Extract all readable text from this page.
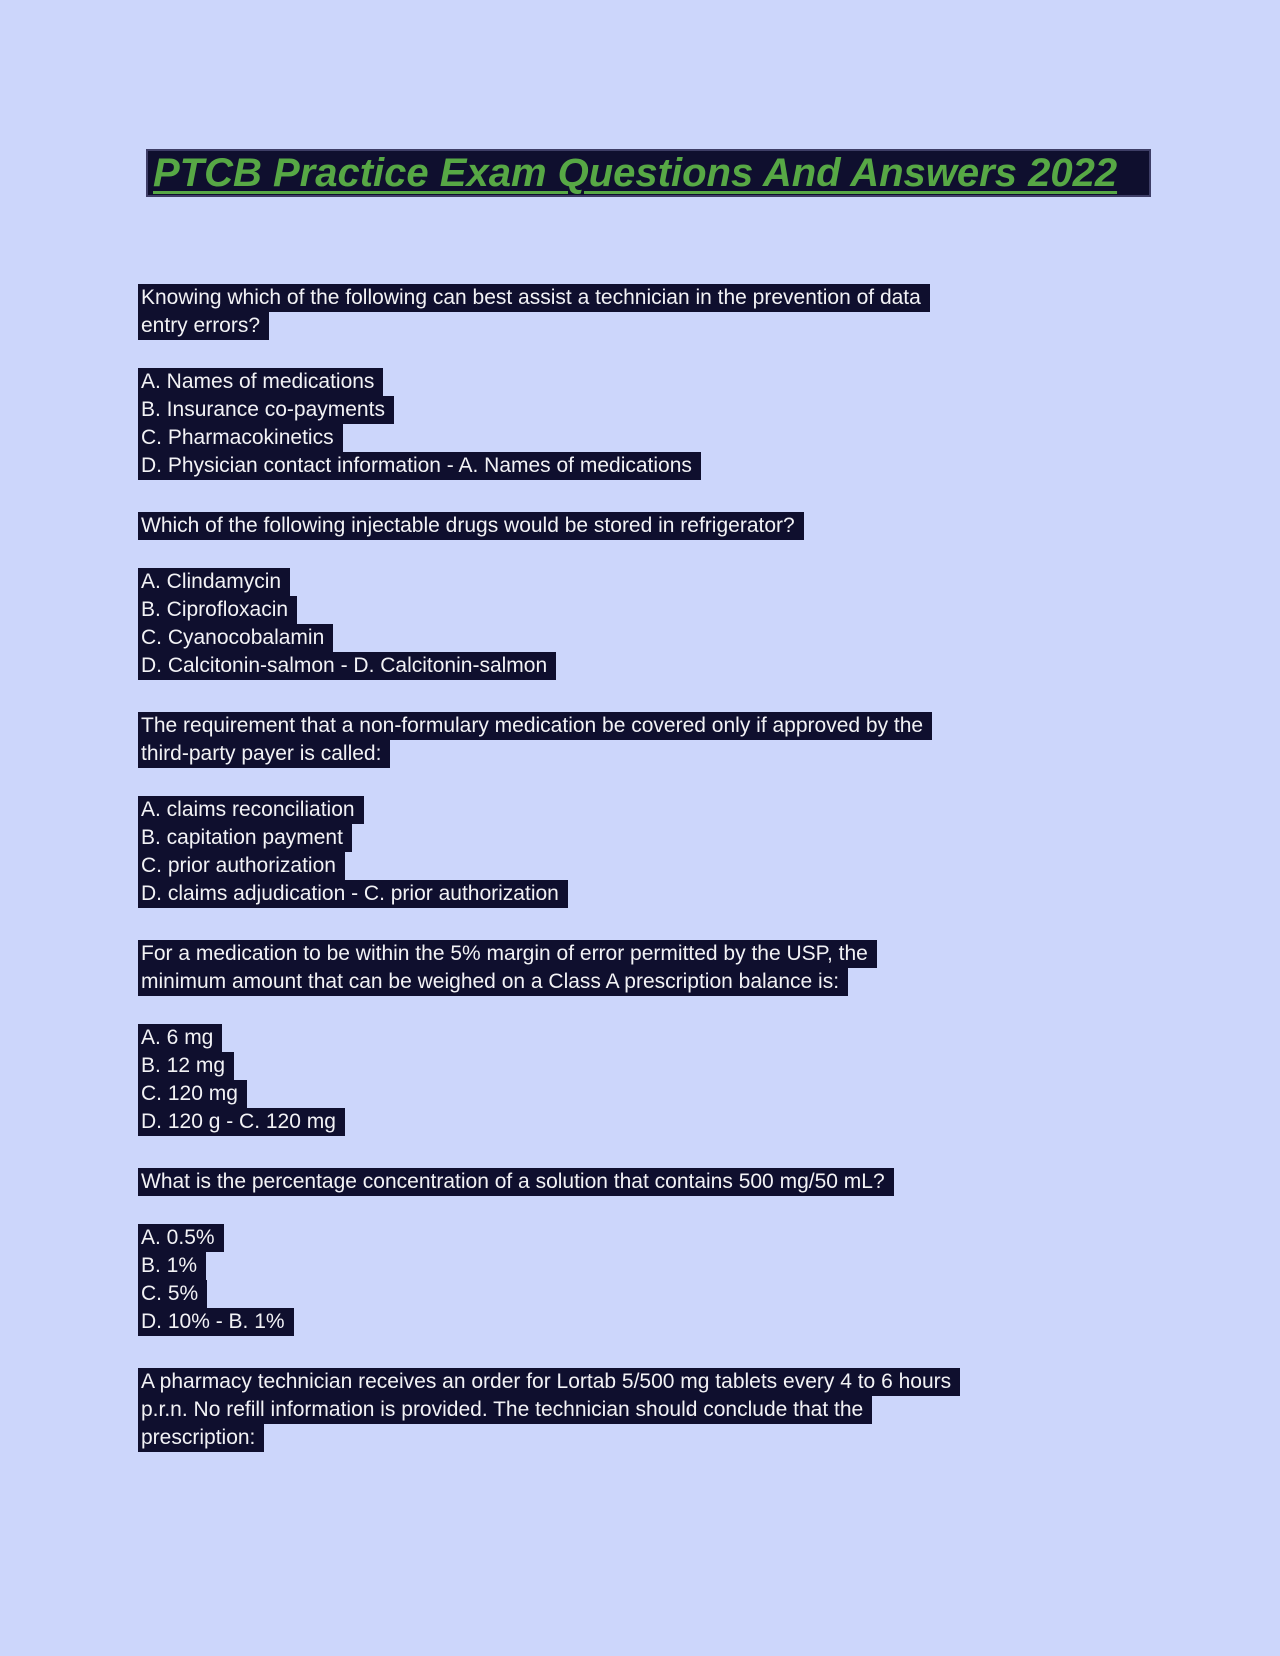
PTCB Practice Exam Questions And Answers 2022
Knowing which of the following can best assist a technician in the prevention of data
entry errors?
A. Names of medications
B. Insurance co-payments
C. Pharmacokinetics
D. Physician contact information - A. Names of medications
Which of the following injectable drugs would be stored in refrigerator?
A. Clindamycin
B. Ciprofloxacin
C. Cyanocobalamin
D. Calcitonin-salmon - D. Calcitonin-salmon
The requirement that a non-formulary medication be covered only if approved by the
third-party payer is called:
A. claims reconciliation
B. capitation payment
C. prior authorization
D. claims adjudication - C. prior authorization
For a medication to be within the 5% margin of error permitted by the USP, the
minimum amount that can be weighed on a Class A prescription balance is:
A. 6 mg
B. 12 mg
C. 120 mg
D. 120 g - C. 120 mg
What is the percentage concentration of a solution that contains 500 mg/50 mL?
A. 0.5%
B. 1%
C. 5%
D. 10% - B. 1%
A pharmacy technician receives an order for Lortab 5/500 mg tablets every 4 to 6 hours
p.r.n. No refill information is provided. The technician should conclude that the
prescription:
